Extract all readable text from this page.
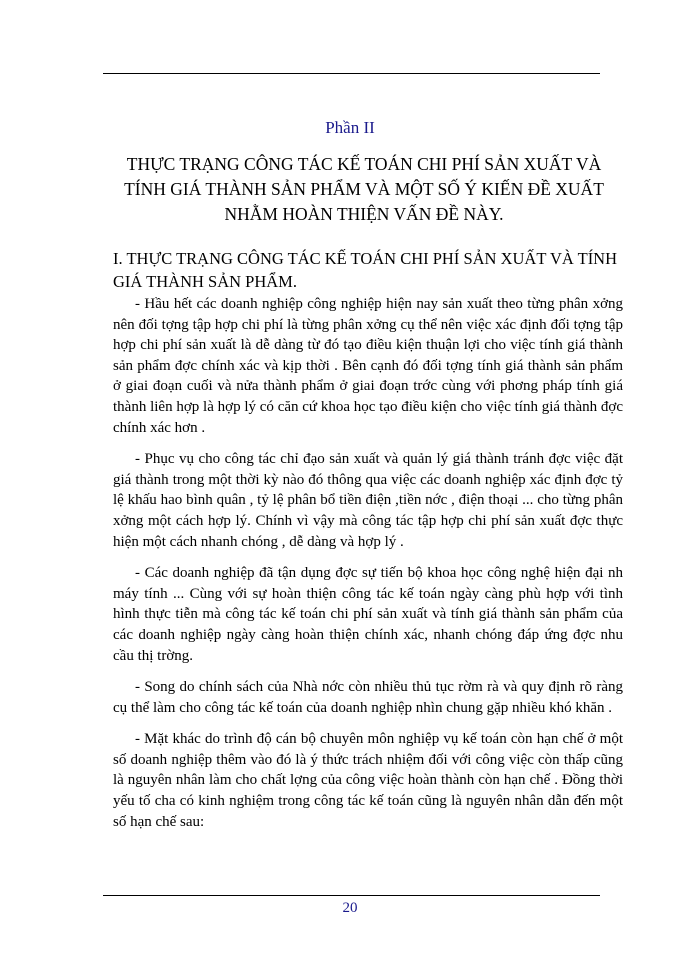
Phần II
THỰC TRẠNG CÔNG TÁC KẾ TOÁN CHI PHÍ SẢN XUẤT VÀ TÍNH GIÁ THÀNH SẢN PHẨM VÀ MỘT SỐ Ý KIẾN ĐỀ XUẤT NHẰM HOÀN THIỆN VẤN ĐỀ NÀY.
I. THỰC TRẠNG CÔNG TÁC KẾ TOÁN CHI PHÍ SẢN XUẤT VÀ TÍNH GIÁ THÀNH SẢN PHẨM.

- Hầu hết các doanh nghiệp công nghiệp hiện nay sản xuất theo từng phân xởng nên đối tợng tập hợp chi phí là từng phân xởng cụ thể nên việc xác định đối tợng tập hợp chi phí sản xuất là dễ dàng từ đó tạo điều kiện thuận lợi cho việc tính giá thành sản phẩm đợc chính xác và kịp thời . Bên cạnh đó đối tợng tính giá thành sản phẩm ở giai đoạn cuối và nửa thành phẩm ở giai đoạn trớc cùng với phơng pháp tính giá thành liên hợp là hợp lý có căn cứ khoa học tạo điều kiện cho việc tính giá thành đợc chính xác hơn .

- Phục vụ cho công tác chỉ đạo sản xuất và quản lý giá thành tránh đợc việc đặt giá thành trong một thời kỳ nào đó thông qua việc các doanh nghiệp xác định đợc tỷ lệ khấu hao bình quân , tỷ lệ phân bổ tiền điện ,tiền nớc , điện thoại ... cho từng phân xởng một cách hợp lý. Chính vì vậy mà công tác tập hợp chi phí sản xuất đợc thực hiện một cách nhanh chóng , dễ dàng và hợp lý .

- Các doanh nghiệp đã tận dụng đợc sự tiến bộ khoa học công nghệ hiện đại nh máy tính ... Cùng với sự hoàn thiện công tác kế toán ngày càng phù hợp với tình hình thực tiễn mà công tác kế toán chi phí sản xuất và tính giá thành sản phẩm của các doanh nghiệp ngày càng hoàn thiện chính xác, nhanh chóng đáp ứng đợc nhu cầu thị trờng.

- Song do chính sách của Nhà nớc còn nhiều thủ tục rờm rà và quy định rõ ràng cụ thể làm cho công tác kế toán của doanh nghiệp nhìn chung gặp nhiều khó khăn .

- Mặt khác do trình độ cán bộ chuyên môn nghiệp vụ kế toán còn hạn chế ở một số doanh nghiệp thêm vào đó là ý thức trách nhiệm đối với công việc còn thấp cũng là nguyên nhân làm cho chất lợng của công việc hoàn thành còn hạn chế . Đồng thời yếu tố cha có kinh nghiệm trong công tác kế toán cũng là nguyên nhân dẫn đến một số hạn chế sau:

20
